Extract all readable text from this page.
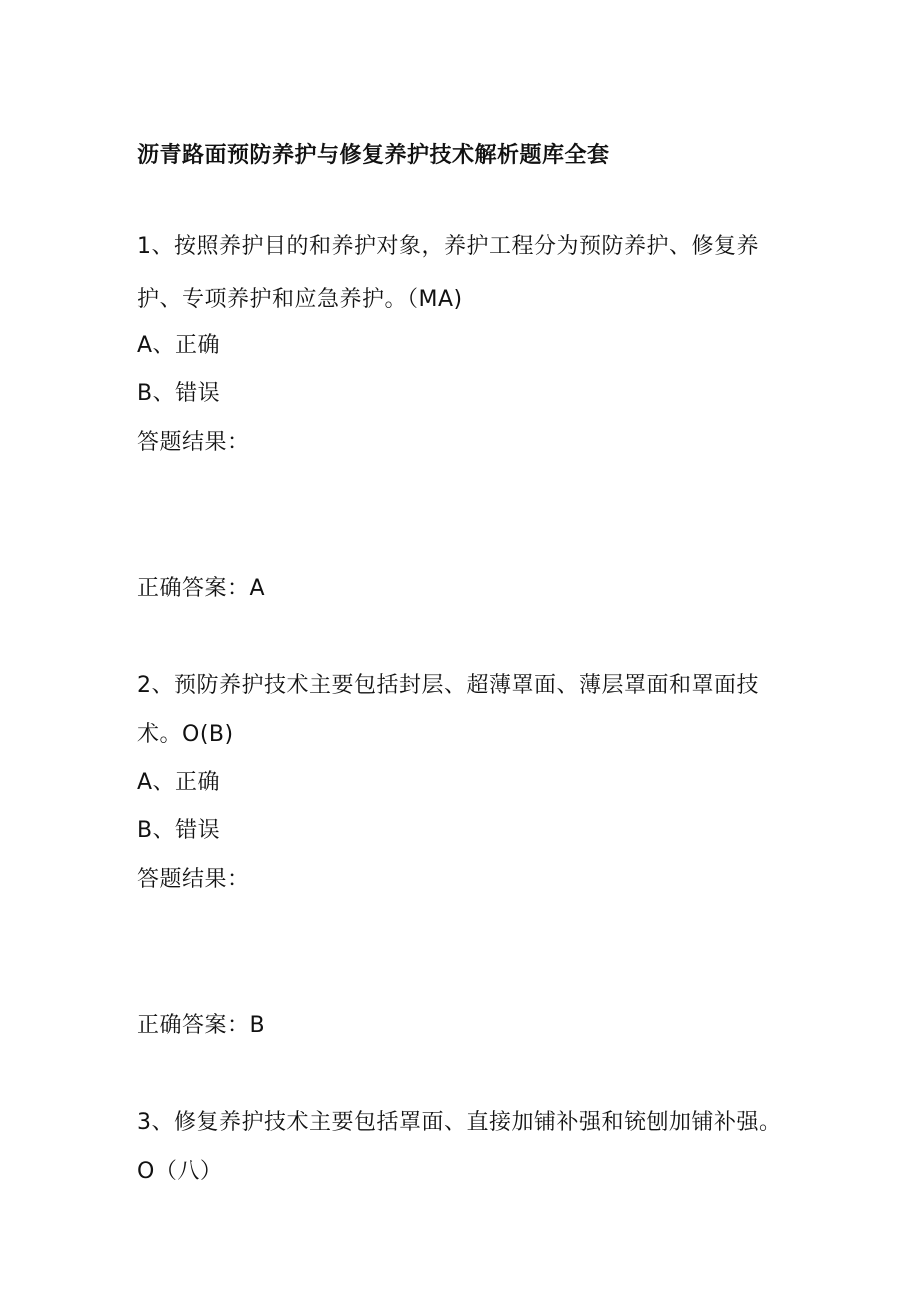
沥青路面预防养护与修复养护技术解析题库全套
1、按照养护目的和养护对象，养护工程分为预防养护、修复养
护、专项养护和应急养护。（MA)
A、正确
B、错误
答题结果：
正确答案：A
2、预防养护技术主要包括封层、超薄罩面、薄层罩面和罩面技
术。O(B)
A、正确
B、错误
答题结果：
正确答案：B
3、修复养护技术主要包括罩面、直接加铺补强和铳刨加铺补强。
O（八）
